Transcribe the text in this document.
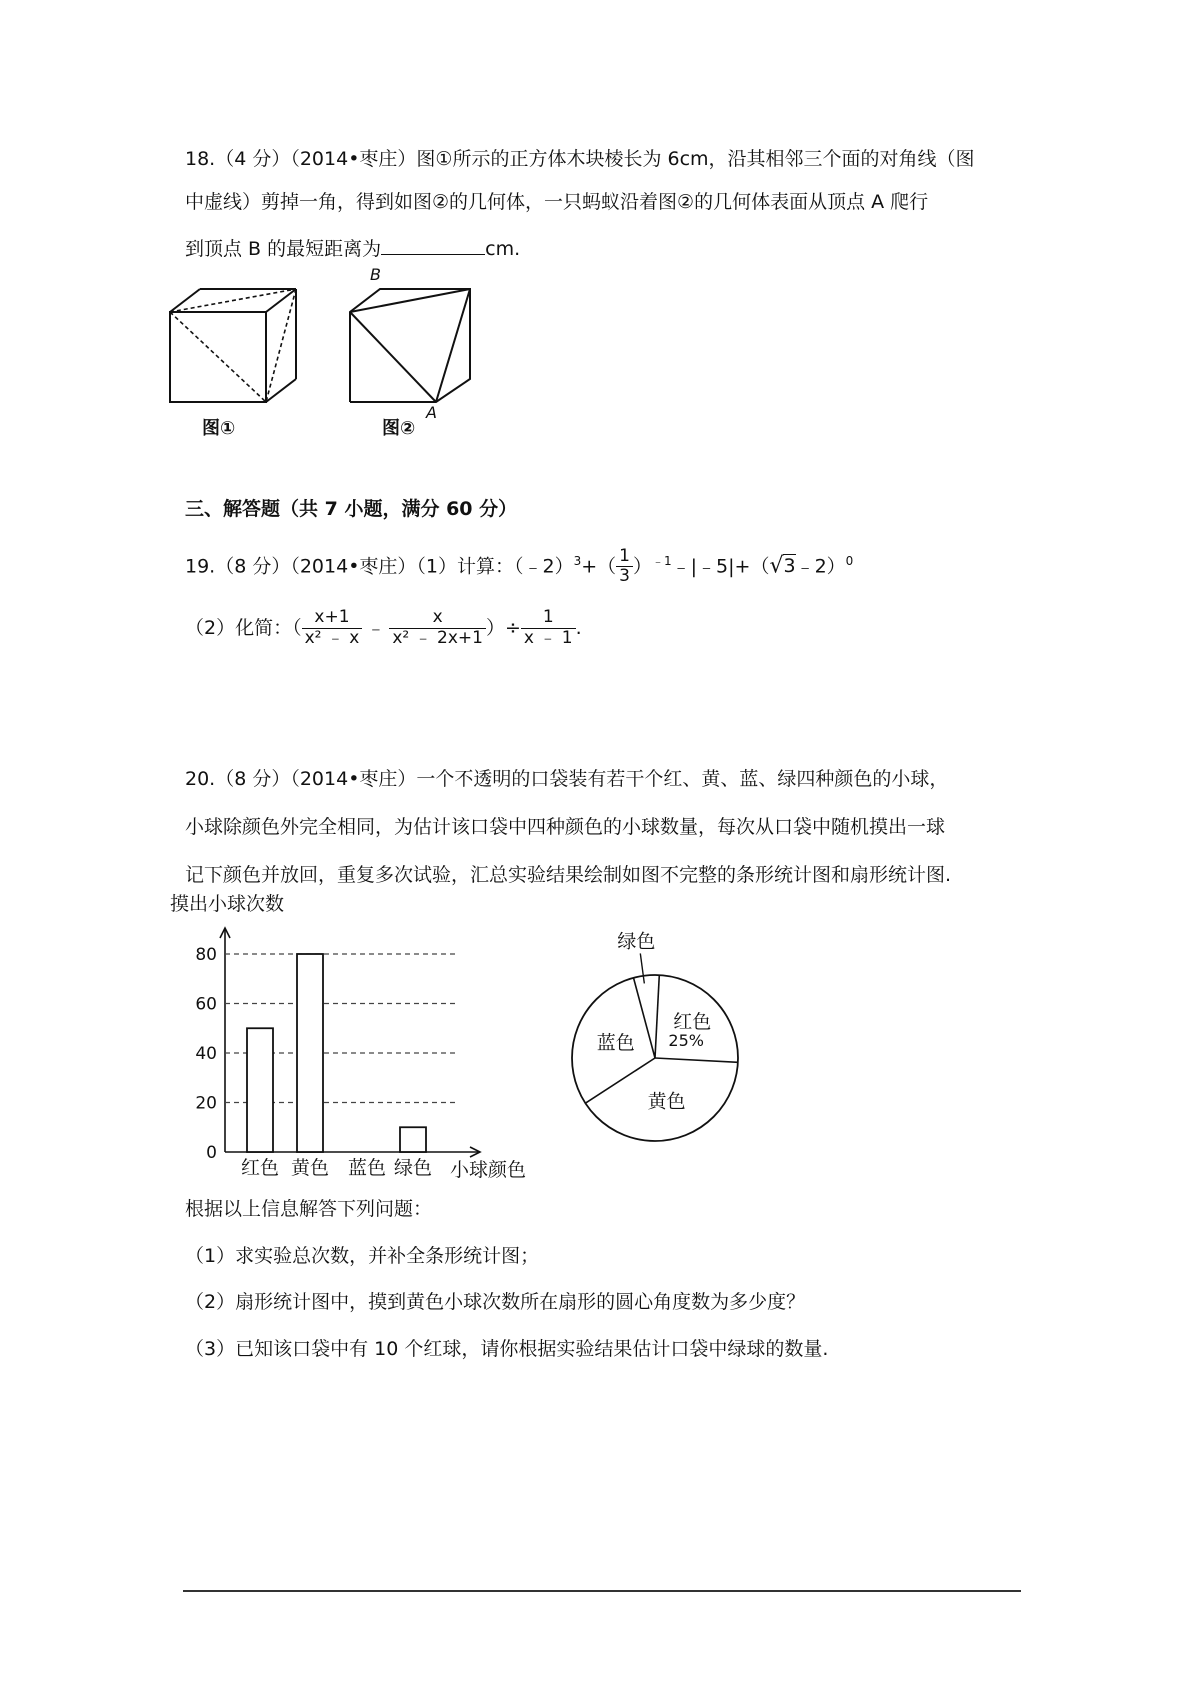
18.（4 分）（2014•枣庄）图①所示的正方体木块棱长为 6cm，沿其相邻三个面的对角线（图
中虚线）剪掉一角，得到如图②的几何体，一只蚂蚁沿着图②的几何体表面从顶点 A 爬行
到顶点 B 的最短距离为	cm.
图①
B
A
图②
三、解答题（共 7 小题，满分 60 分）
19.（8 分）（2014•枣庄）（1）计算：（﹣2）$^3$+（ $\frac{1}{3}$ ）$^{﹣1}$﹣|﹣5|+（√3﹣2）$^0$
（2）化简：（ $\frac{x+1}{\text{x² ﹣ x}}$ ﹣ $\frac{x}{\text{x² ﹣ 2x+1}}$ ）÷ $\frac{1}{x ﹣ 1}$ .
20.（8 分）（2014•枣庄）一个不透明的口袋装有若干个红、黄、蓝、绿四种颜色的小球，
小球除颜色外完全相同，为估计该口袋中四种颜色的小球数量，每次从口袋中随机摸出一球
记下颜色并放回，重复多次试验，汇总实验结果绘制如图不完整的条形统计图和扇形统计图.
摸出小球次数
0
20
40
60
80
红色 黄色 蓝色 绿色 小球颜色
绿色
红色
25%
黄色
蓝色
根据以上信息解答下列问题：
（1）求实验总次数，并补全条形统计图；
（2）扇形统计图中，摸到黄色小球次数所在扇形的圆心角度数为多少度？
（3）已知该口袋中有 10 个红球，请你根据实验结果估计口袋中绿球的数量.
